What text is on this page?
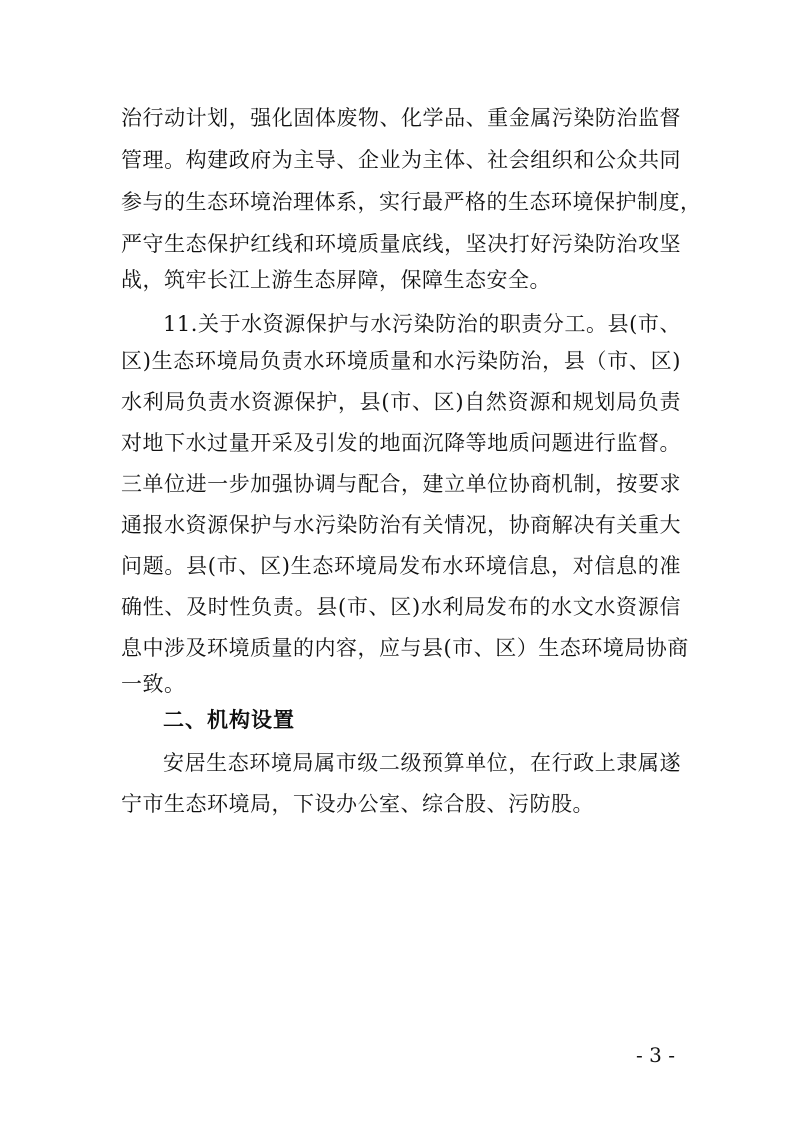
治行动计划，强化固体废物、化学品、重金属污染防治监督
管理。构建政府为主导、企业为主体、社会组织和公众共同
参与的生态环境治理体系，实行最严格的生态环境保护制度，
严守生态保护红线和环境质量底线，坚决打好污染防治攻坚
战，筑牢长江上游生态屏障，保障生态安全。
11.关于水资源保护与水污染防治的职责分工。县(市、
区)生态环境局负责水环境质量和水污染防治，县（市、区)
水利局负责水资源保护，县(市、区)自然资源和规划局负责
对地下水过量开采及引发的地面沉降等地质问题进行监督。
三单位进一步加强协调与配合，建立单位协商机制，按要求
通报水资源保护与水污染防治有关情况，协商解决有关重大
问题。县(市、区)生态环境局发布水环境信息，对信息的准
确性、及时性负责。县(市、区)水利局发布的水文水资源信
息中涉及环境质量的内容，应与县(市、区）生态环境局协商
一致。
二、机构设置
安居生态环境局属市级二级预算单位，在行政上隶属遂
宁市生态环境局，下设办公室、综合股、污防股。
- 3 -
